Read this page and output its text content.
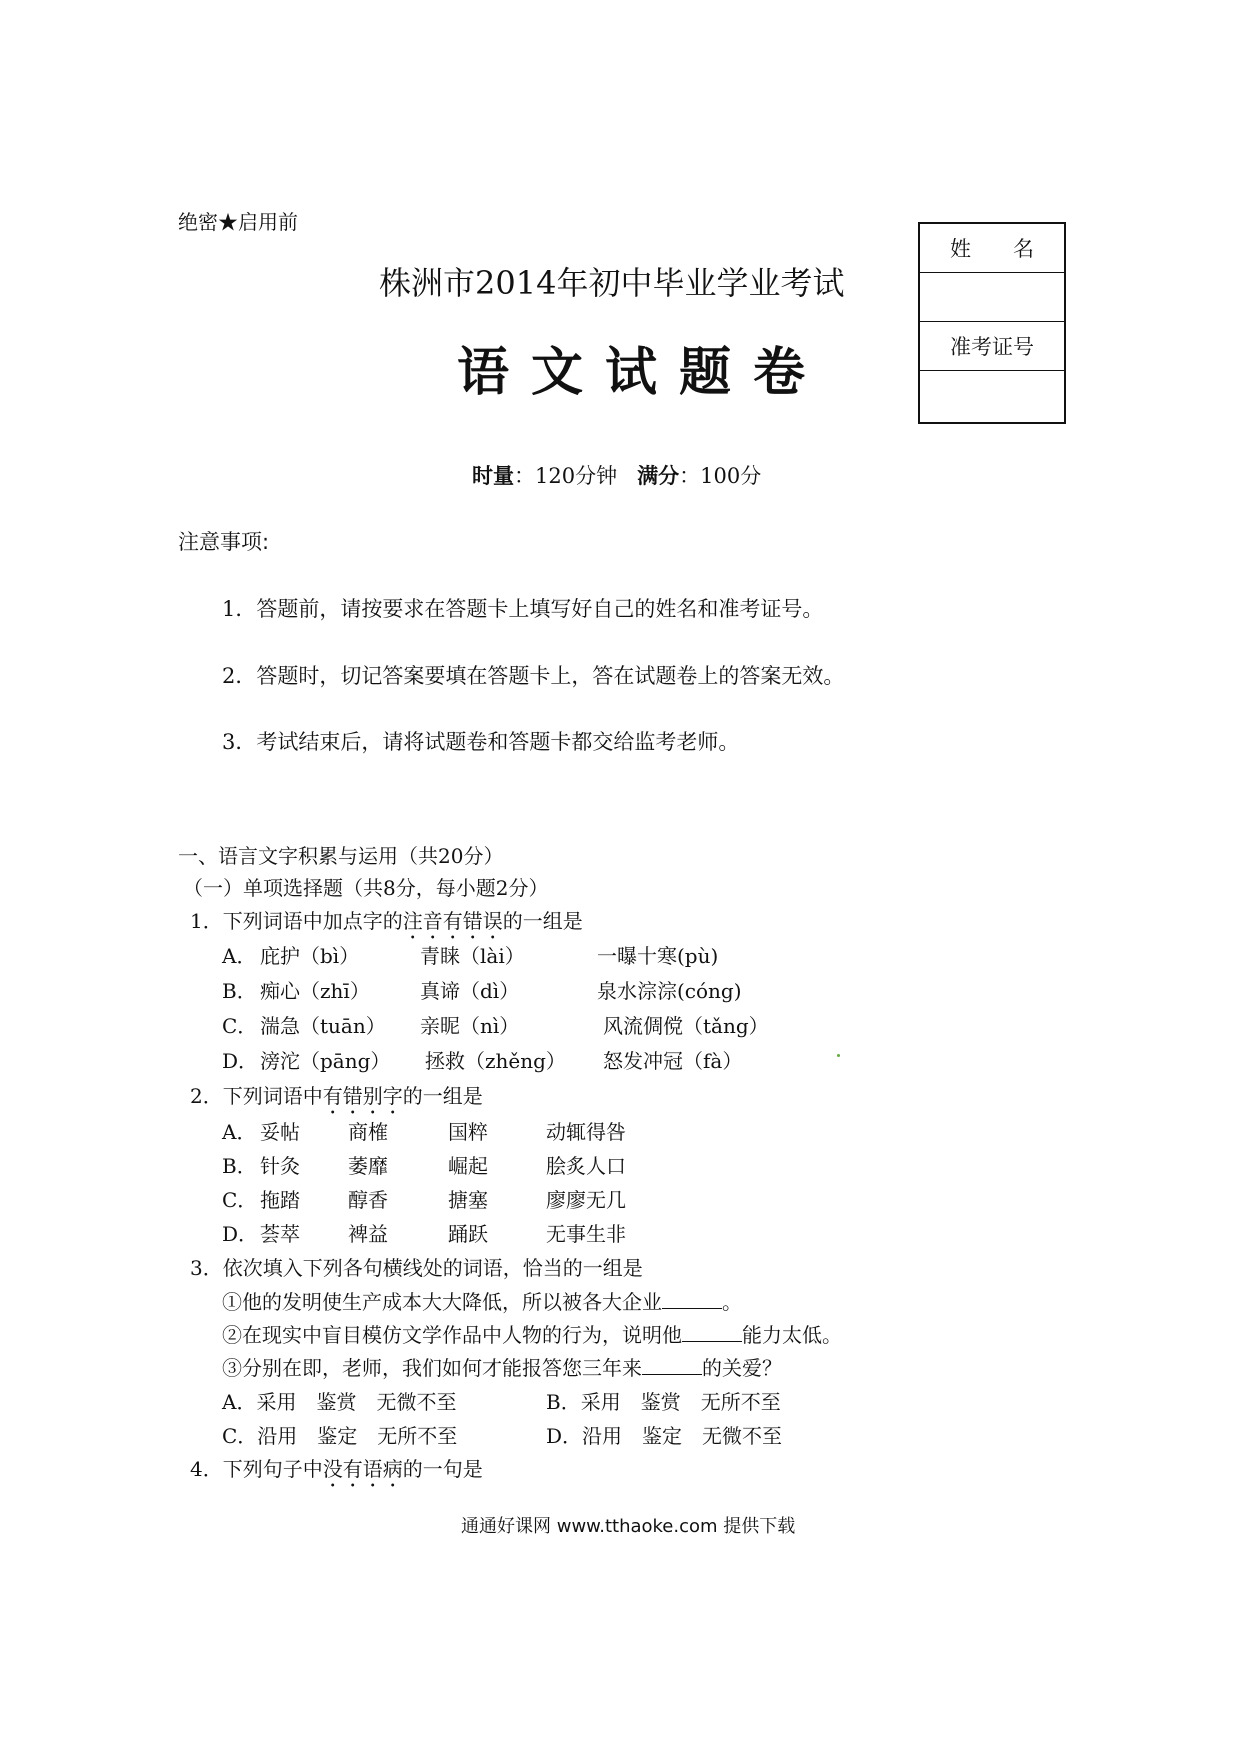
绝密★启用前
株洲市2014年初中毕业学业考试
语文试题卷
姓　　名
准考证号
时量：120分钟 满分：100分
注意事项:
1．答题前，请按要求在答题卡上填写好自己的姓名和准考证号。
2．答题时，切记答案要填在答题卡上，答在试题卷上的答案无效。
3．考试结束后，请将试题卷和答题卡都交给监考老师。
一、语言文字积累与运用（共20分）
（一）单项选择题（共8分，每小题2分）
1．下列词语中加点字的注音有错误的一组是
A． 庇护（bì）	青睐（lài）	一曝十寒(pù)
B． 痴心（zhī）	真谛（dì）	泉水淙淙(cóng)
C． 湍急（tuān） 亲昵（nì）	风流倜傥（tǎng）
D． 滂沱（pāng） 拯救（zhěng） 怒发冲冠（fà）
2．下列词语中有错别字的一组是
A． 妥帖 商榷	国粹	动辄得咎
B． 针灸 萎靡	崛起	脍炙人口
C． 拖踏 醇香	搪塞	廖廖无几
D． 荟萃 裨益	踊跃	无事生非
3．依次填入下列各句横线处的词语，恰当的一组是
①他的发明使生产成本大大降低，所以被各大企业	。
②在现实中盲目模仿文学作品中人物的行为，说明他	能力太低。
③分别在即，老师，我们如何才能报答您三年来	的关爱？
A．采用　鉴赏　无微不至	B．采用　鉴赏　无所不至
C．沿用　鉴定　无所不至	D．沿用　鉴定　无微不至
4．下列句子中没有语病的一句是
通通好课网 www.tthaoke.com 提供下载
